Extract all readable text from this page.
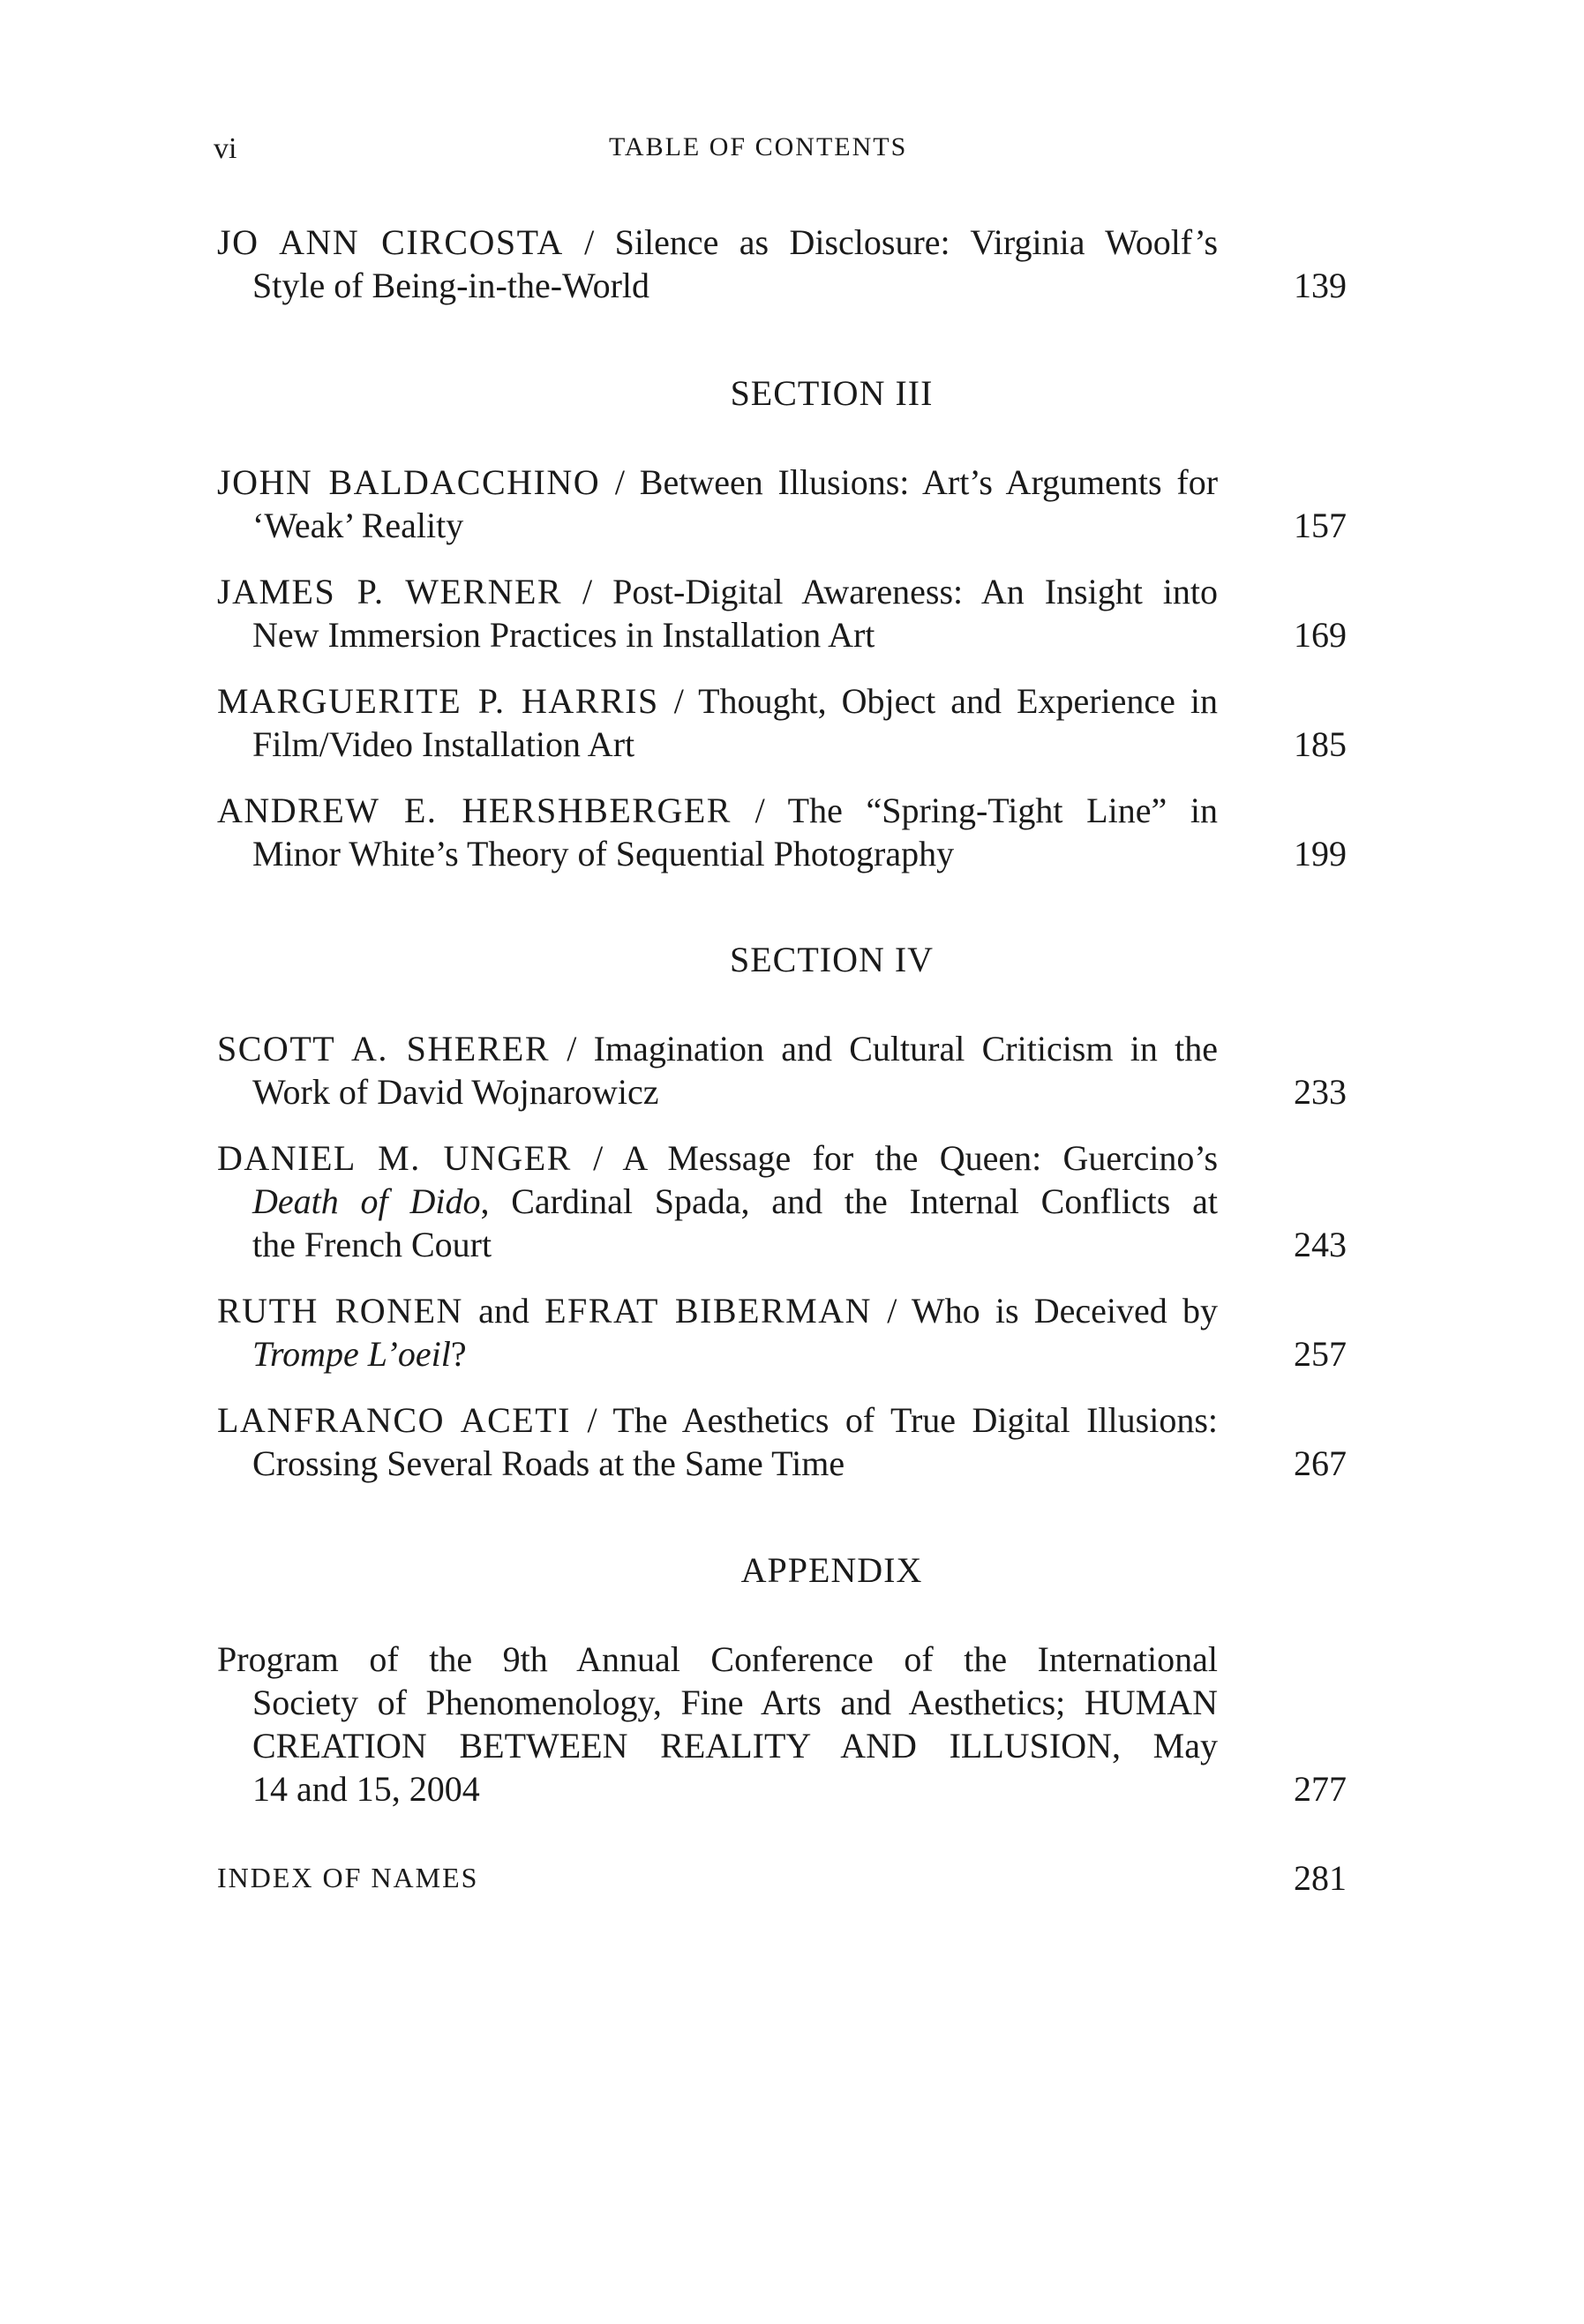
vi	TABLE OF CONTENTS
JO ANN CIRCOSTA / Silence as Disclosure: Virginia Woolf’s
Style of Being-in-the-World	139
SECTION III
JOHN BALDACCHINO / Between Illusions: Art’s Arguments for
‘Weak’ Reality	157
JAMES P. WERNER / Post-Digital Awareness: An Insight into
New Immersion Practices in Installation Art	169
MARGUERITE P. HARRIS / Thought, Object and Experience in
Film/Video Installation Art	185
ANDREW E. HERSHBERGER / The “Spring-Tight Line” in
Minor White’s Theory of Sequential Photography	199
SECTION IV
SCOTT A. SHERER / Imagination and Cultural Criticism in the
Work of David Wojnarowicz	233
DANIEL M. UNGER / A Message for the Queen: Guercino’s
Death of Dido, Cardinal Spada, and the Internal Conflicts at
the French Court	243
RUTH RONEN and EFRAT BIBERMAN / Who is Deceived by
Trompe L’oeil?	257
LANFRANCO ACETI / The Aesthetics of True Digital Illusions:
Crossing Several Roads at the Same Time	267
APPENDIX
Program of the 9th Annual Conference of the International
Society of Phenomenology, Fine Arts and Aesthetics; HUMAN
CREATION BETWEEN REALITY AND ILLUSION, May
14 and 15, 2004	277
INDEX OF NAMES	281
